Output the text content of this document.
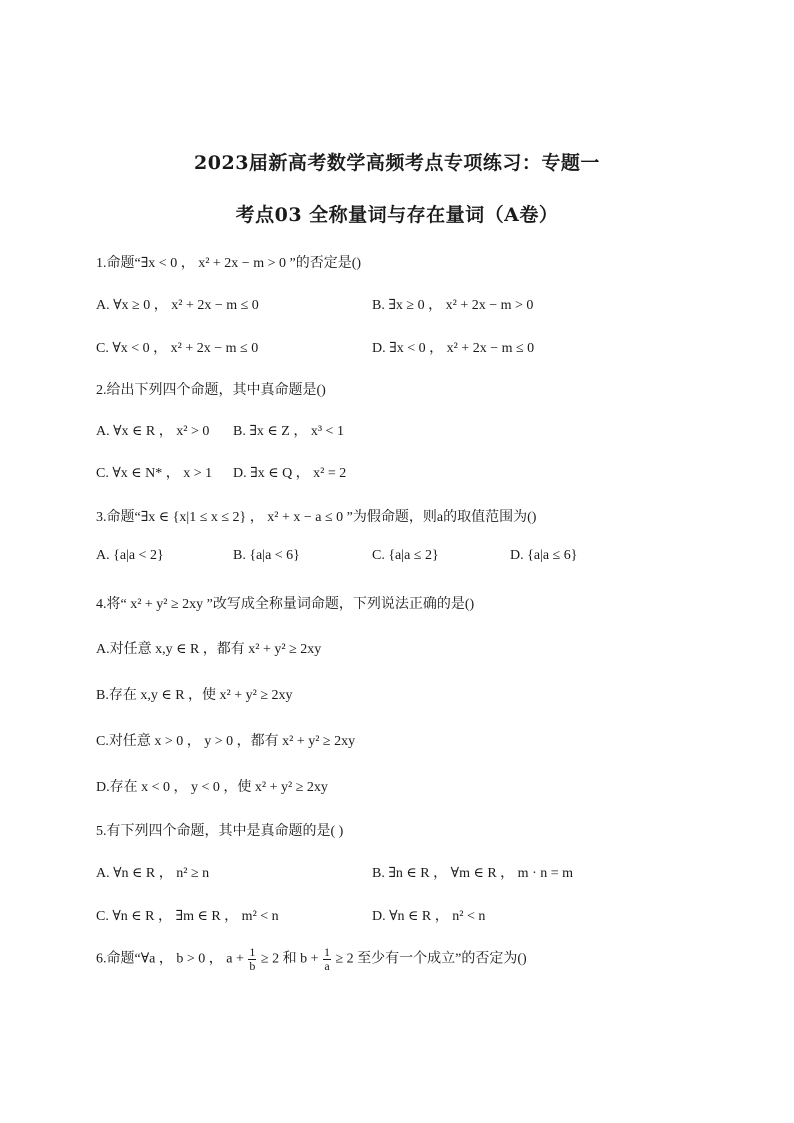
2023届新高考数学高频考点专项练习：专题一
考点03 全称量词与存在量词（A卷）
1.命题“∃x < 0 ， x² + 2x − m > 0 ”的否定是()
A. ∀x ≥ 0 ， x² + 2x − m ≤ 0	B. ∃x ≥ 0 ， x² + 2x − m > 0
C. ∀x < 0 ， x² + 2x − m ≤ 0	D. ∃x < 0 ， x² + 2x − m ≤ 0
2.给出下列四个命题，其中真命题是()
A. ∀x ∈ R ， x² > 0 B. ∃x ∈ Z ， x³ < 1
C. ∀x ∈ N* ， x > 1 D. ∃x ∈ Q ， x² = 2
3.命题“∃x ∈ {x|1 ≤ x ≤ 2} ， x² + x − a ≤ 0 ”为假命题，则a的取值范围为()
A. {a|a < 2}	B. {a|a < 6}	C. {a|a ≤ 2}	D. {a|a ≤ 6}
4.将“ x² + y² ≥ 2xy ”改写成全称量词命题，下列说法正确的是()
A.对任意 x,y ∈ R ，都有 x² + y² ≥ 2xy
B.存在 x,y ∈ R ，使 x² + y² ≥ 2xy
C.对任意 x > 0 ， y > 0 ，都有 x² + y² ≥ 2xy
D.存在 x < 0 ， y < 0 ，使 x² + y² ≥ 2xy
5.有下列四个命题，其中是真命题的是( )
A. ∀n ∈ R ， n² ≥ n	B. ∃n ∈ R ， ∀m ∈ R ， m · n = m
C. ∀n ∈ R ， ∃m ∈ R ， m² < n	D. ∀n ∈ R ， n² < n
6.命题“∀a ， b > 0 ， $a + \frac{1}{b} \ge 2$ 和 $b + \frac{1}{a} \ge 2$ 至少有一个成立”的否定为()
